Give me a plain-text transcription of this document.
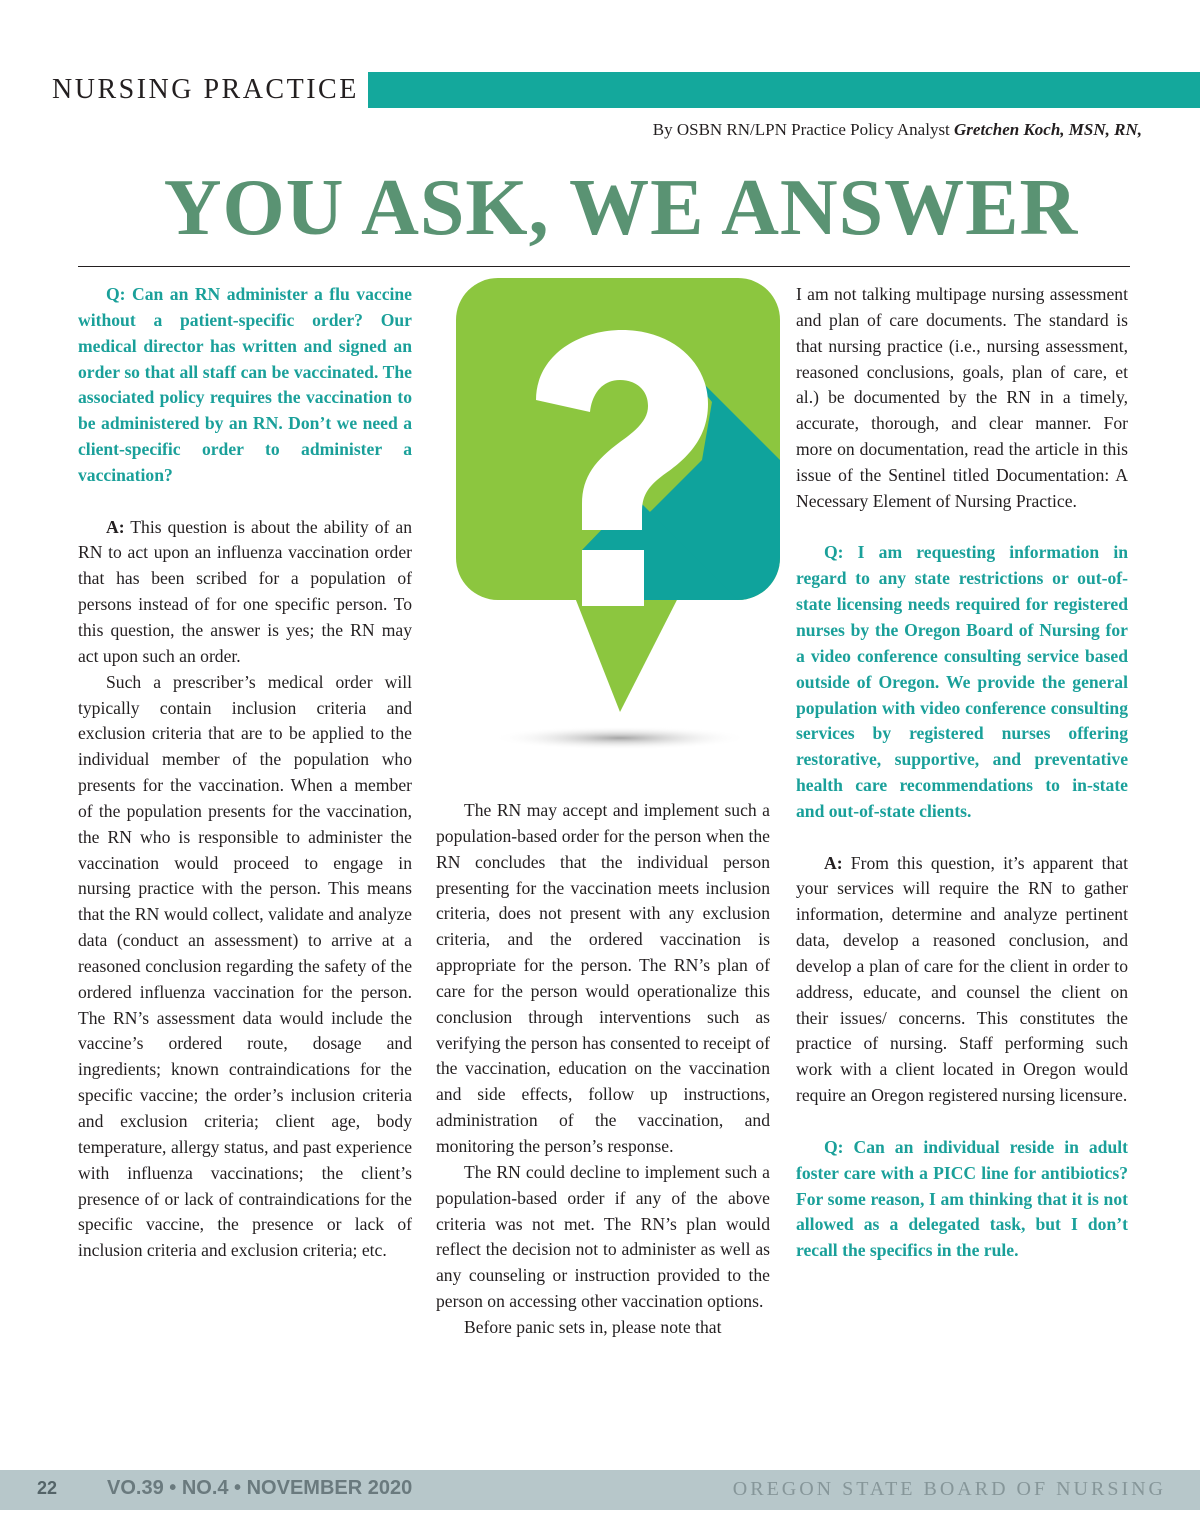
NURSING PRACTICE
By OSBN RN/LPN Practice Policy Analyst Gretchen Koch, MSN, RN,
YOU ASK, WE ANSWER

Q: Can an RN administer a flu vaccine without a patient-specific order? Our medical director has written and signed an order so that all staff can be vaccinated. The associated policy requires the vaccination to be administered by an RN. Don’t we need a client-specific order to administer a vaccination?

A: This question is about the ability of an RN to act upon an influenza vaccination order that has been scribed for a population of persons instead of for one specific person. To this question, the answer is yes; the RN may act upon such an order.

Such a prescriber’s medical order will typically contain inclusion criteria and exclusion criteria that are to be applied to the individual member of the population who presents for the vaccination. When a member of the population presents for the vaccination, the RN who is responsible to administer the vaccination would proceed to engage in nursing practice with the person. This means that the RN would collect, validate and analyze data (conduct an assessment) to arrive at a reasoned conclusion regarding the safety of the ordered influenza vaccination for the person. The RN’s assessment data would include the vaccine’s ordered route, dosage and ingredients; known contraindications for the specific vaccine; the order’s inclusion criteria and exclusion criteria; client age, body temperature, allergy status, and past experience with influenza vaccinations; the client’s presence of or lack of contraindications for the specific vaccine, the presence or lack of inclusion criteria and exclusion criteria; etc.

The RN may accept and implement such a population-based order for the person when the RN concludes that the individual person presenting for the vaccination meets inclusion criteria, does not present with any exclusion criteria, and the ordered vaccination is appropriate for the person. The RN’s plan of care for the person would operationalize this conclusion through interventions such as verifying the person has consented to receipt of the vaccination, education on the vaccination and side effects, follow up instructions, administration of the vaccination, and monitoring the person’s response.

The RN could decline to implement such a population-based order if any of the above criteria was not met. The RN’s plan would reflect the decision not to administer as well as any counseling or instruction provided to the person on accessing other vaccination options.

Before panic sets in, please note that

I am not talking multipage nursing assessment and plan of care documents. The standard is that nursing practice (i.e., nursing assessment, reasoned conclusions, goals, plan of care, et al.) be documented by the RN in a timely, accurate, thorough, and clear manner. For more on documentation, read the article in this issue of the Sentinel titled Documentation: A Necessary Element of Nursing Practice.

Q: I am requesting information in regard to any state restrictions or out-of-state licensing needs required for registered nurses by the Oregon Board of Nursing for a video conference consulting service based outside of Oregon. We provide the general population with video conference consulting services by registered nurses offering restorative, supportive, and preventative health care recommendations to in-state and out-of-state clients.

A: From this question, it’s apparent that your services will require the RN to gather information, determine and analyze pertinent data, develop a reasoned conclusion, and develop a plan of care for the client in order to address, educate, and counsel the client on their issues/ concerns. This constitutes the practice of nursing. Staff performing such work with a client located in Oregon would require an Oregon registered nursing licensure.

Q: Can an individual reside in adult foster care with a PICC line for antibiotics? For some reason, I am thinking that it is not allowed as a delegated task, but I don’t recall the specifics in the rule.

22 VO.39 • NO.4 • NOVEMBER 2020	OREGON STATE BOARD OF NURSING
